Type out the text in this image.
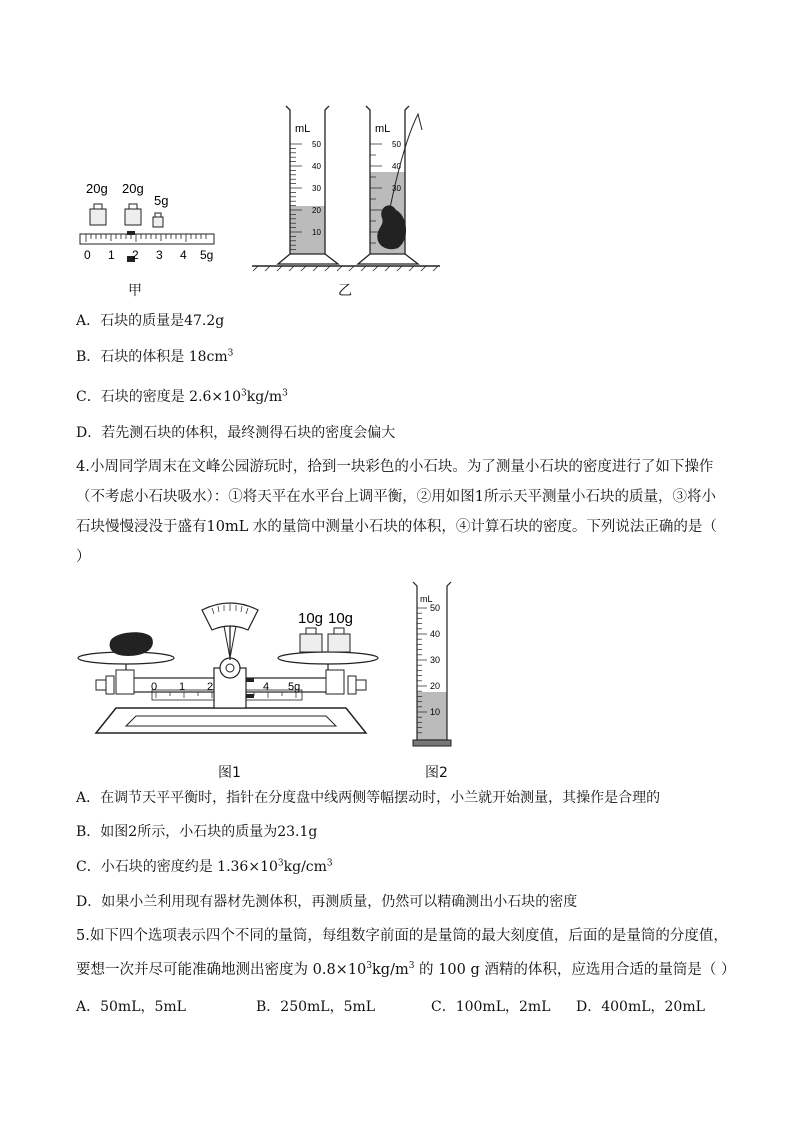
20g 20g
5g
0 1 2 3 4 5g
甲
mL
50
40
30
20
10
mL
50
40
30
乙
A．石块的质量是47.2g
B．石块的体积是 $18cm^3$
C．石块的密度是 $2.6\times 10^3kg/m^3$
D．若先测石块的体积，最终测得石块的密度会偏大
4.小周同学周末在文峰公园游玩时，拾到一块彩色的小石块。为了测量小石块的密度进行了如下操作（不考虑小石块吸水）：①将天平在水平台上调平衡，②用如图1所示天平测量小石块的质量，③将小石块慢慢浸没于盛有10mL 水的量筒中测量小石块的体积，④计算石块的密度。下列说法正确的是（ ）
0 1 2	4 5g
10g 10g
图1
mL
50
40
30
20
10
图2
A．在调节天平平衡时，指针在分度盘中线两侧等幅摆动时，小兰就开始测量，其操作是合理的
B．如图2所示，小石块的质量为23.1g
C．小石块的密度约是 $1.36\times 10^3kg/cm^3$
D．如果小兰利用现有器材先测体积，再测质量，仍然可以精确测出小石块的密度
5.如下四个选项表示四个不同的量筒，每组数字前面的是量筒的最大刻度值，后面的是量筒的分度值，
要想一次并尽可能准确地测出密度为 $0.8\times 10^3kg/m^3$ 的 100 g 酒精的体积，应选用合适的量筒是（ ）
A．50mL，5mL	B．250mL，5mL	C．100mL，2mL D．400mL，20mL
